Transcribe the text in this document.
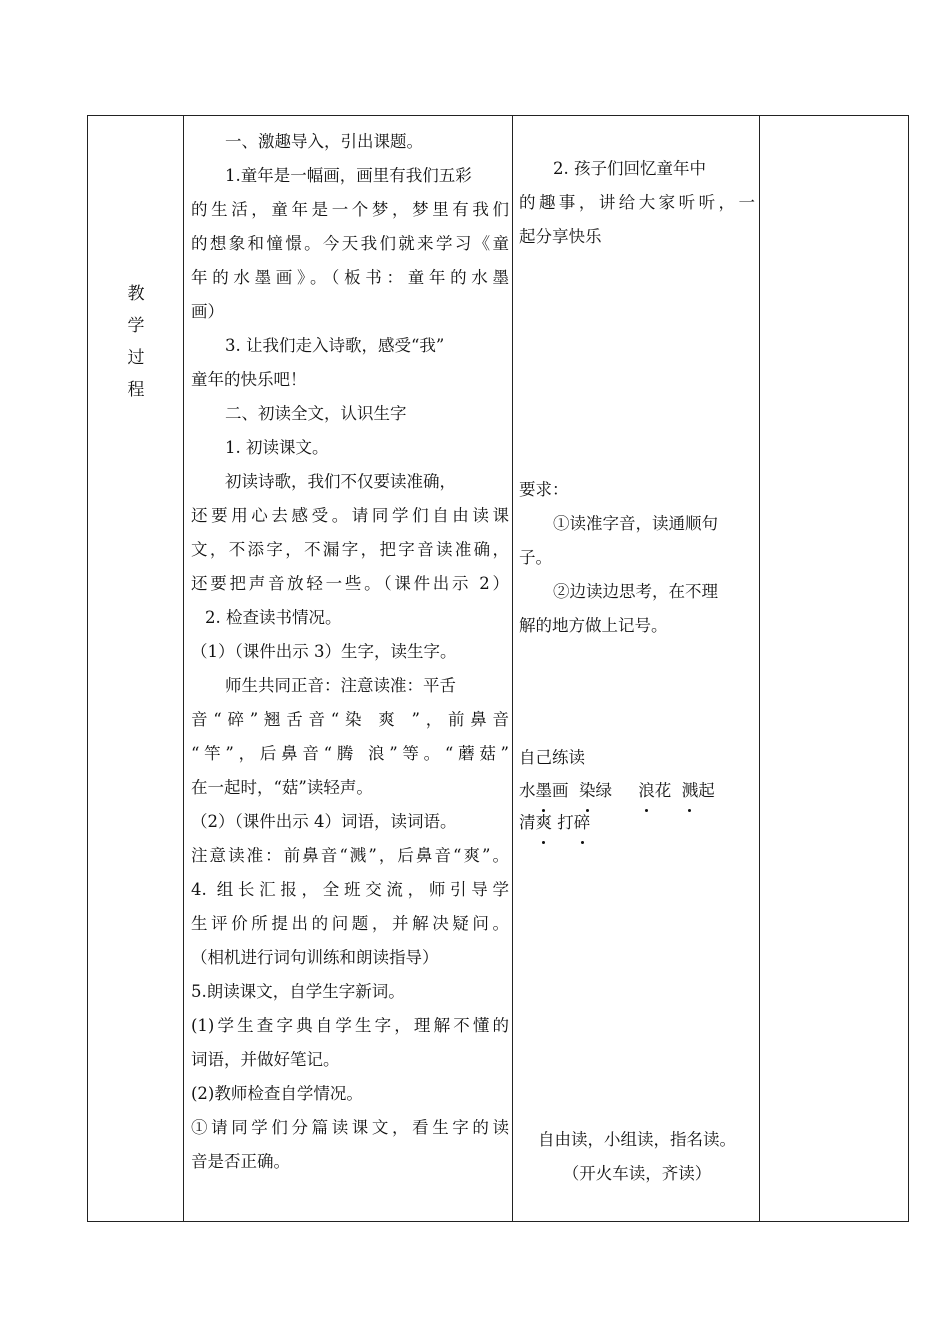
教
学
过
程
一、激趣导入，引出课题。
1.童年是一幅画，画里有我们五彩
的生活，童年是一个梦，梦里有我们
的想象和憧憬。今天我们就来学习《童
年的水墨画》。（板书：童年的水墨
画）
3. 让我们走入诗歌，感受“我”
童年的快乐吧！
二、初读全文，认识生字
1. 初读课文。
初读诗歌，我们不仅要读准确，
还要用心去感受。请同学们自由读课
文，不添字，不漏字，把字音读准确，
还要把声音放轻一些。（课件出示 2）
2. 检查读书情况。
（1）（课件出示 3）生字，读生字。
师生共同正音：注意读准：平舌
音“碎”翘舌音“染 爽 ”，前鼻音
“竿”，后鼻音“腾 浪”等。“蘑菇”
在一起时，“菇”读轻声。
（2）（课件出示 4）词语，读词语。
注意读准：前鼻音“溅”，后鼻音“爽”。
4. 组长汇报，全班交流，师引导学
生评价所提出的问题，并解决疑问。
（相机进行词句训练和朗读指导）
5.朗读课文，自学生字新词。
(1)学生查字典自学生字，理解不懂的
词语，并做好笔记。
(2)教师检查自学情况。
①请同学们分篇读课文，看生字的读
音是否正确。
2. 孩子们回忆童年中
的趣事，讲给大家听听，一
起分享快乐
要求：
①读准字音，读通顺句
子。
②边读边思考，在不理
解的地方做上记号。
自己练读
水墨画 染绿 浪花 溅起
清爽 打碎
自由读，小组读，指名读。
（开火车读，齐读）
